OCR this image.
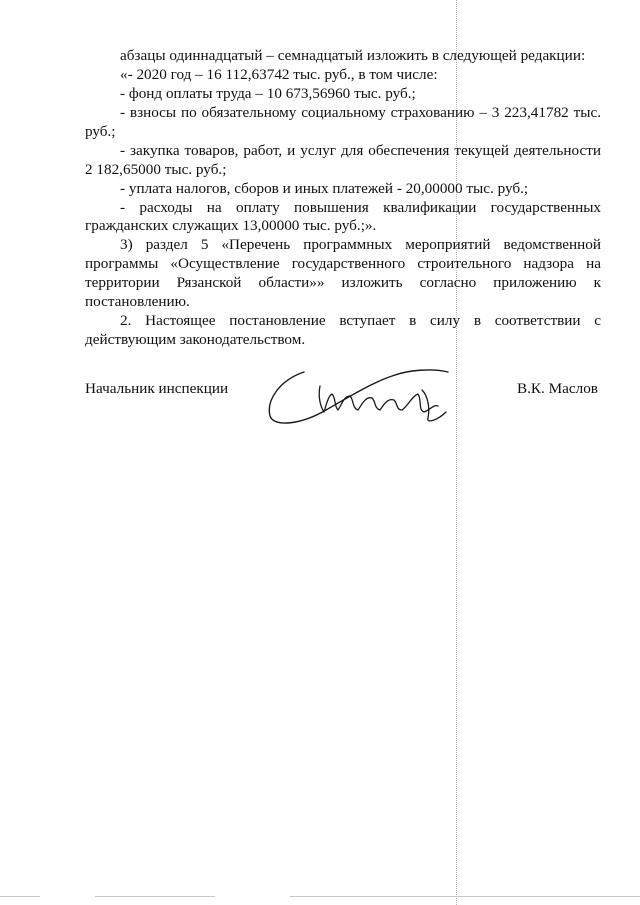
абзацы одиннадцатый – семнадцатый изложить в следующей редакции:
«- 2020 год – 16 112,63742 тыс. руб., в том числе:
- фонд оплаты труда – 10 673,56960 тыс. руб.;
- взносы по обязательному социальному страхованию – 3 223,41782 тыс.
руб.;
- закупка товаров, работ, и услуг для обеспечения текущей деятельности
2 182,65000 тыс. руб.;
- уплата налогов, сборов и иных платежей - 20,00000 тыс. руб.;
- расходы на оплату повышения квалификации государственных
гражданских служащих 13,00000 тыс. руб.;».
3) раздел 5 «Перечень программных мероприятий ведомственной
программы «Осуществление государственного строительного надзора на
территории Рязанской области»» изложить согласно приложению к
постановлению.
2. Настоящее постановление вступает в силу в соответствии с
действующим законодательством.
Начальник инспекции	В.К. Маслов
